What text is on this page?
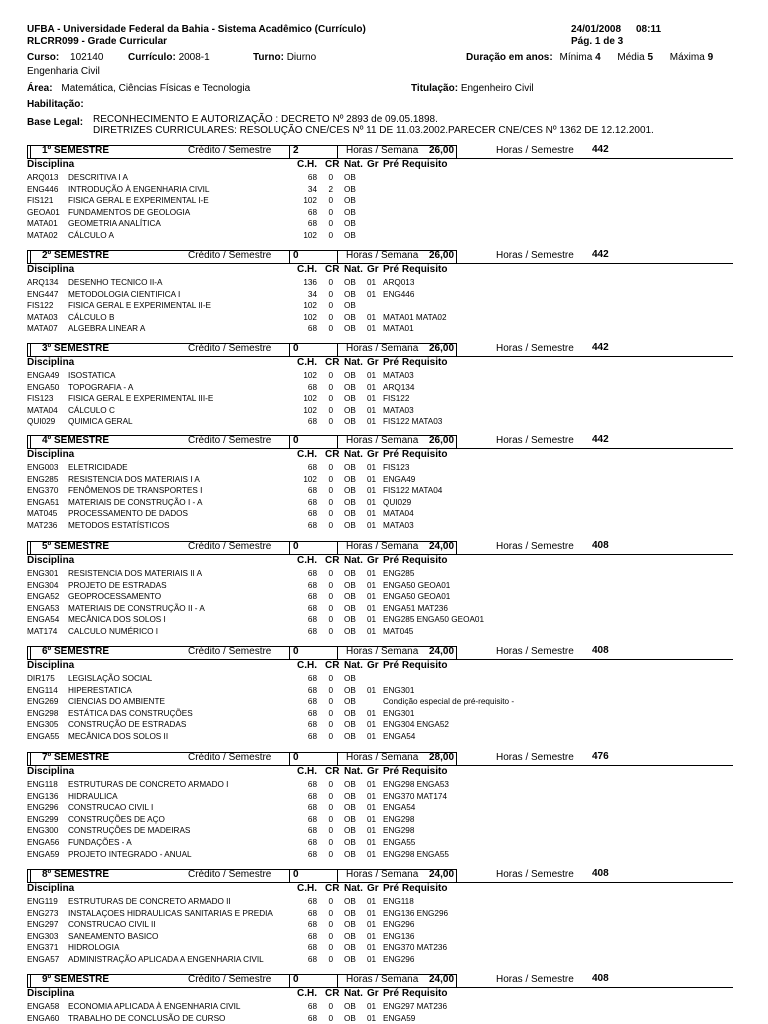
UFBA - Universidade Federal da Bahia - Sistema Acadêmico (Currículo)
RLCRR099 - Grade Curricular
24/01/2008 08:11
Pág. 1 de 3
Curso: 102140 Currículo: 2008-1	Turno: Diurno	Duração em anos: Mínima 4 Média 5 Máxima 9
Engenharia Civil
Área: Matemática, Ciências Físicas e Tecnologia	Titulação: Engenheiro Civil
Habilitação:
Base Legal: RECONHECIMENTO E AUTORIZAÇÃO : DECRETO Nº 2893 de 09.05.1898.
DIRETRIZES CURRICULARES: RESOLUÇÃO CNE/CES Nº 11 DE 11.03.2002.PARECER CNE/CES Nº 1362 DE 12.12.2001.
1º SEMESTRE	Crédito / Semestre 2	Horas / Semana 26,00	Horas / Semestre 442
Disciplina	C.H. CR Nat. Gr Pré Requisito
ARQ013 DESCRITIVA I A	68	0 OB
ENG446 INTRODUÇÃO À ENGENHARIA CIVIL	34	2 OB
FIS121 FISICA GERAL E EXPERIMENTAL I-E	102	0 OB
GEOA01 FUNDAMENTOS DE GEOLOGIA	68	0 OB
MATA01 GEOMETRIA ANALÍTICA	68	0 OB
MATA02 CÁLCULO A	102	0 OB
2º SEMESTRE	Crédito / Semestre 0	Horas / Semana 26,00	Horas / Semestre 442
Disciplina	C.H. CR Nat. Gr Pré Requisito
ARQ134 DESENHO TECNICO II-A	136	0 OB 01 ARQ013
ENG447 METODOLOGIA CIENTIFICA I	34	0 OB 01 ENG446
FIS122 FISICA GERAL E EXPERIMENTAL II-E	102	0 OB
MATA03 CÁLCULO B	102	0 OB 01 MATA01 MATA02
MATA07 ALGEBRA LINEAR A	68	0 OB 01 MATA01
3º SEMESTRE	Crédito / Semestre 0	Horas / Semana 26,00	Horas / Semestre 442
Disciplina	C.H. CR Nat. Gr Pré Requisito
ENGA49 ISOSTATICA	102	0 OB 01 MATA03
ENGA50 TOPOGRAFIA - A	68	0 OB 01 ARQ134
FIS123 FISICA GERAL E EXPERIMENTAL III-E	102	0 OB 01 FIS122
MATA04 CÁLCULO C	102	0 OB 01 MATA03
QUI029 QUIMICA GERAL	68	0 OB 01 FIS122 MATA03
4º SEMESTRE	Crédito / Semestre 0	Horas / Semana 26,00	Horas / Semestre 442
Disciplina	C.H. CR Nat. Gr Pré Requisito
ENG003 ELETRICIDADE	68	0 OB 01 FIS123
ENG285 RESISTENCIA DOS MATERIAIS I A	102	0 OB 01 ENGA49
ENG370 FENÔMENOS DE TRANSPORTES I	68	0 OB 01 FIS122 MATA04
ENGA51 MATERIAIS DE CONSTRUÇÃO I - A	68	0 OB 01 QUI029
MAT045 PROCESSAMENTO DE DADOS	68	0 OB 01 MATA04
MAT236 METODOS ESTATÍSTICOS	68	0 OB 01 MATA03
5º SEMESTRE	Crédito / Semestre 0	Horas / Semana 24,00	Horas / Semestre 408
Disciplina	C.H. CR Nat. Gr Pré Requisito
ENG301 RESISTENCIA DOS MATERIAIS II A	68	0 OB 01 ENG285
ENG304 PROJETO DE ESTRADAS	68	0 OB 01 ENGA50 GEOA01
ENGA52 GEOPROCESSAMENTO	68	0 OB 01 ENGA50 GEOA01
ENGA53 MATERIAIS DE CONSTRUÇÃO II - A	68	0 OB 01 ENGA51 MAT236
ENGA54 MECÂNICA DOS SOLOS I	68	0 OB 01 ENG285 ENGA50 GEOA01
MAT174 CALCULO NUMÉRICO I	68	0 OB 01 MAT045
6º SEMESTRE	Crédito / Semestre 0	Horas / Semana 24,00	Horas / Semestre 408
Disciplina	C.H. CR Nat. Gr Pré Requisito
DIR175 LEGISLAÇÃO SOCIAL	68	0 OB
ENG114 HIPERESTATICA	68	0 OB 01 ENG301
ENG269 CIENCIAS DO AMBIENTE	68	0 OB	Condição especial de pré-requisito -
ENG298 ESTÁTICA DAS CONSTRUÇÕES	68	0 OB 01 ENG301
ENG305 CONSTRUÇÃO DE ESTRADAS	68	0 OB 01 ENG304 ENGA52
ENGA55 MECÂNICA DOS SOLOS II	68	0 OB 01 ENGA54
7º SEMESTRE	Crédito / Semestre 0	Horas / Semana 28,00	Horas / Semestre 476
Disciplina	C.H. CR Nat. Gr Pré Requisito
ENG118 ESTRUTURAS DE CONCRETO ARMADO I	68	0 OB 01 ENG298 ENGA53
ENG136 HIDRAULICA	68	0 OB 01 ENG370 MAT174
ENG296 CONSTRUCAO CIVIL I	68	0 OB 01 ENGA54
ENG299 CONSTRUÇÕES DE AÇO	68	0 OB 01 ENG298
ENG300 CONSTRUÇÕES DE MADEIRAS	68	0 OB 01 ENG298
ENGA56 FUNDAÇÕES - A	68	0 OB 01 ENGA55
ENGA59 PROJETO INTEGRADO - ANUAL	68	0 OB 01 ENG298 ENGA55
8º SEMESTRE	Crédito / Semestre 0	Horas / Semana 24,00	Horas / Semestre 408
Disciplina	C.H. CR Nat. Gr Pré Requisito
ENG119 ESTRUTURAS DE CONCRETO ARMADO II	68	0 OB 01 ENG118
ENG273 INSTALAÇOES HIDRAULICAS SANITARIAS E PREDIA	68	0 OB 01 ENG136 ENG296
ENG297 CONSTRUCAO CIVIL II	68	0 OB 01 ENG296
ENG303 SANEAMENTO BASICO	68	0 OB 01 ENG136
ENG371 HIDROLOGIA	68	0 OB 01 ENG370 MAT236
ENGA57 ADMINISTRAÇÃO APLICADA A ENGENHARIA CIVIL	68	0 OB 01 ENG296
9º SEMESTRE	Crédito / Semestre 0	Horas / Semana 24,00	Horas / Semestre 408
Disciplina	C.H. CR Nat. Gr Pré Requisito
ENGA58 ECONOMIA APLICADA À ENGENHARIA CIVIL	68	0 OB 01 ENG297 MAT236
ENGA60 TRABALHO DE CONCLUSÃO DE CURSO	68	0 OB 01 ENGA59
